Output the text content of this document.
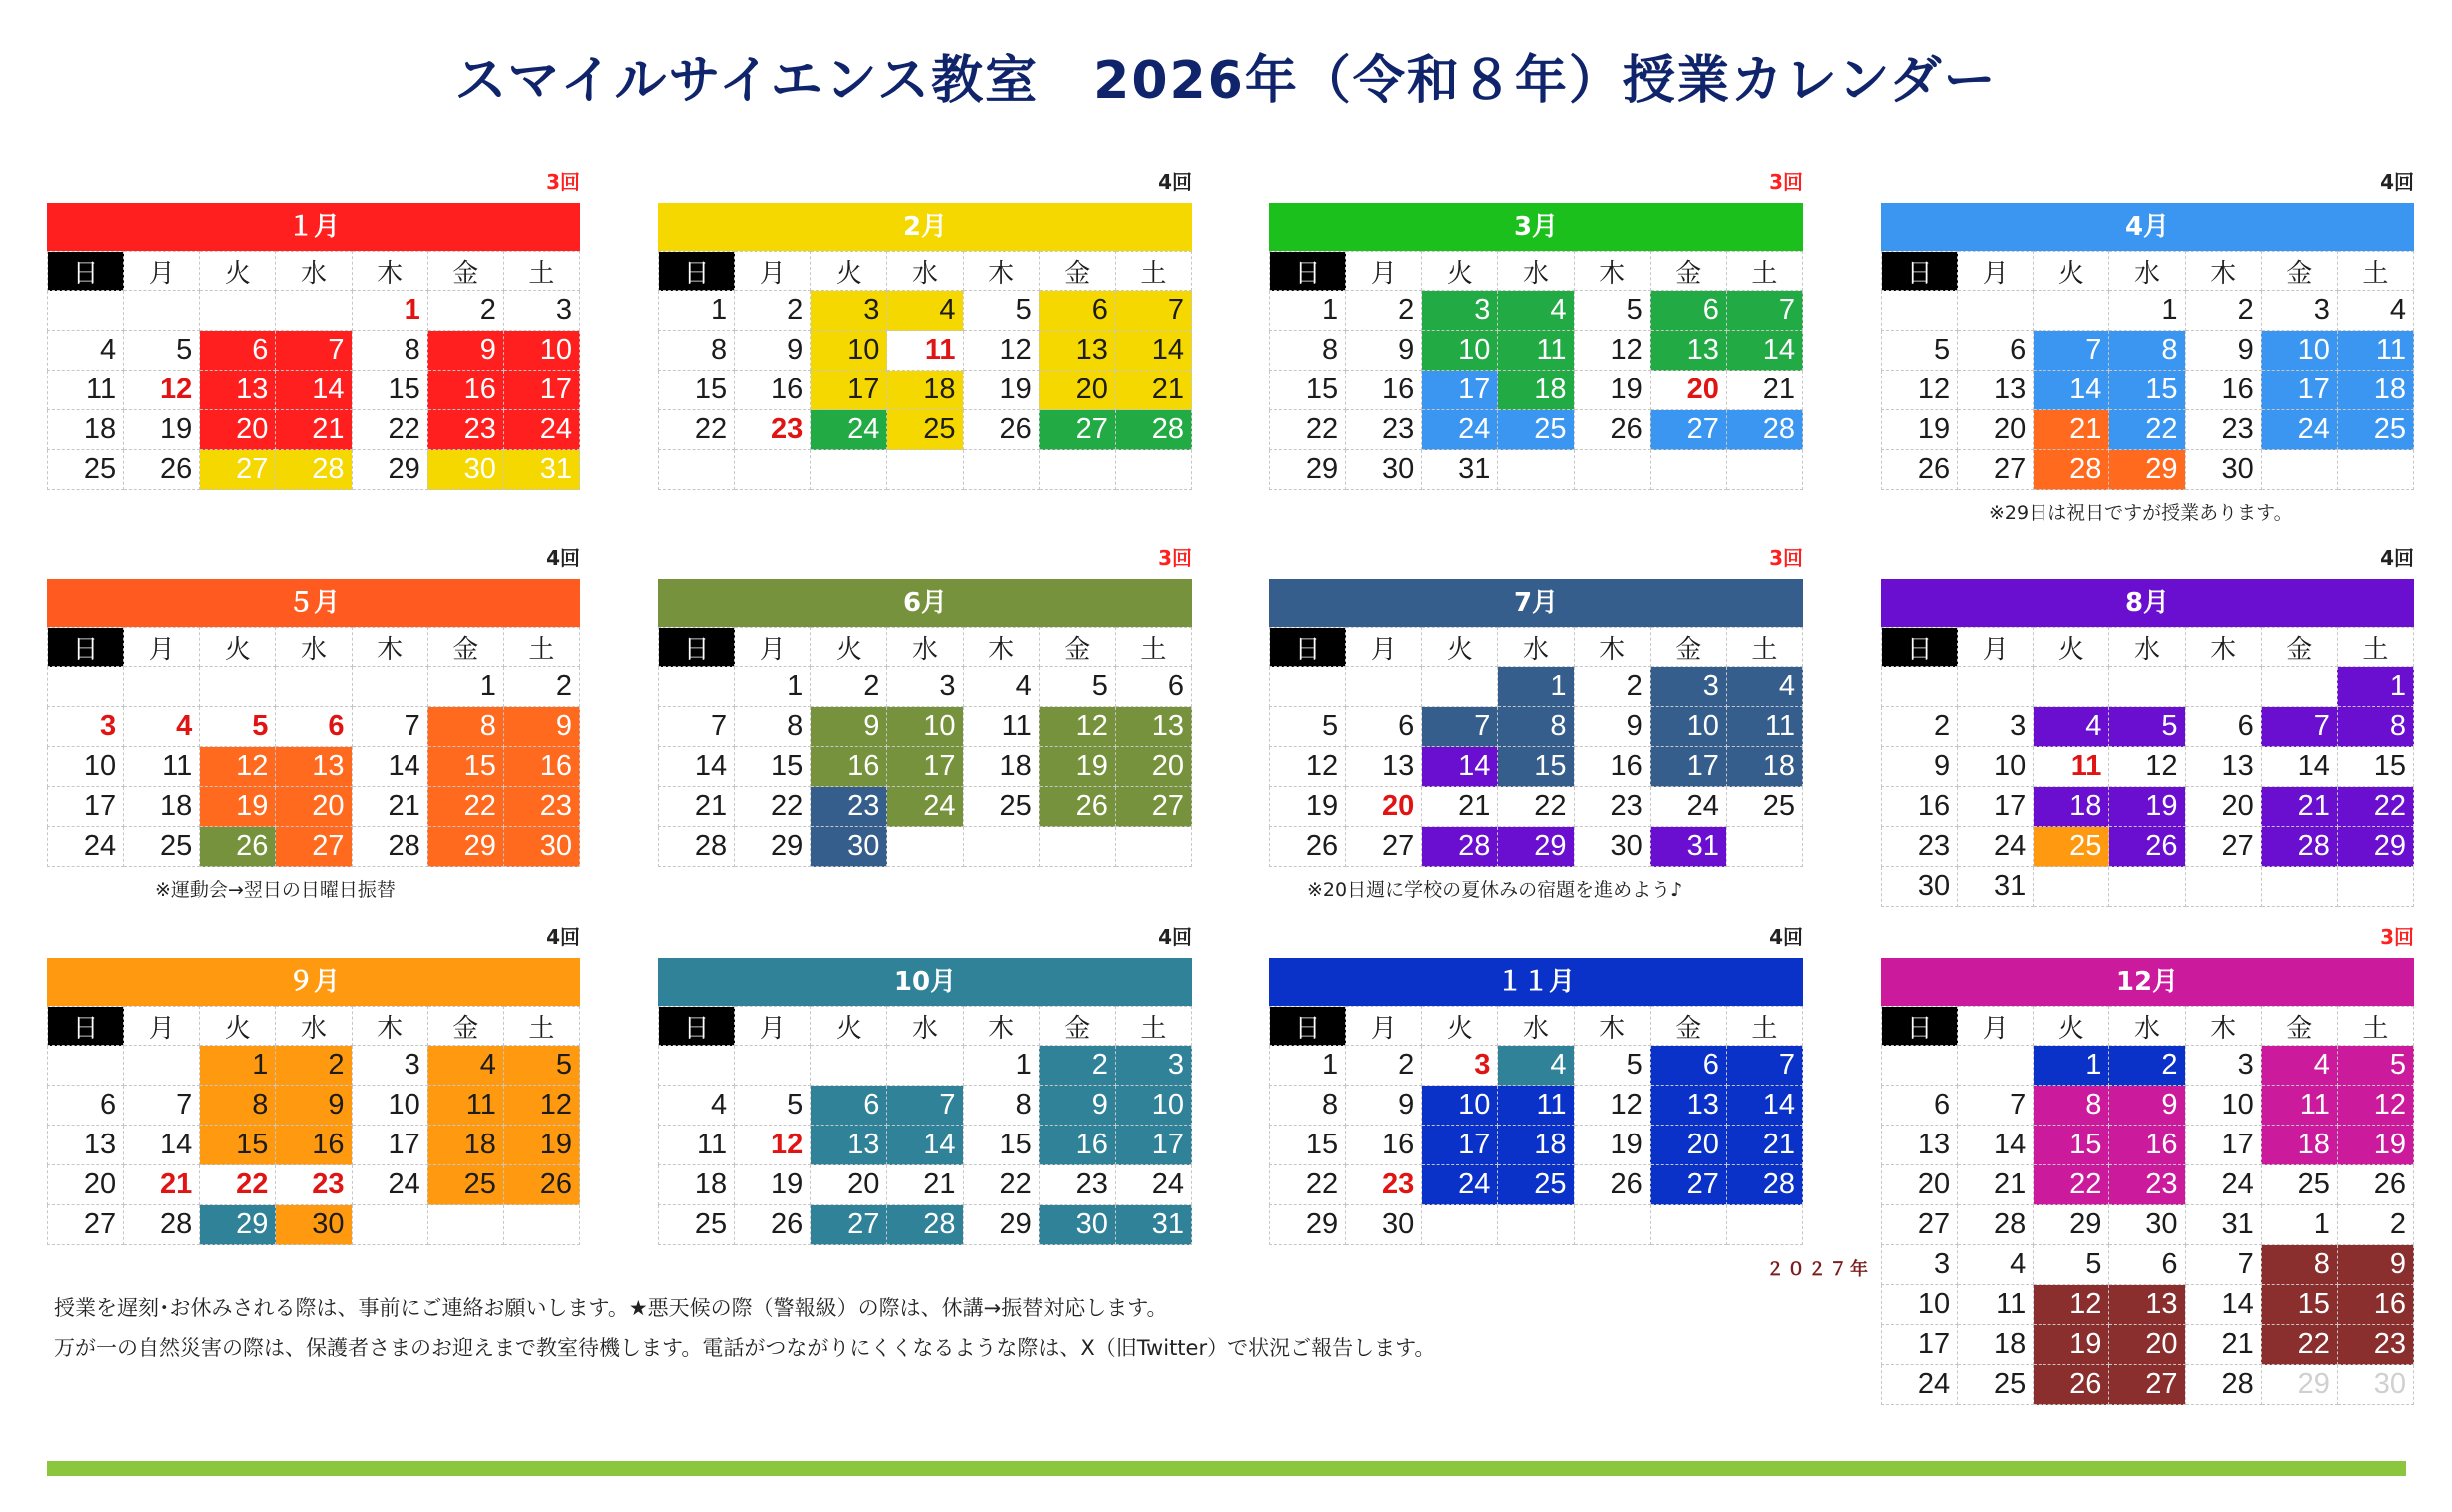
スマイルサイエンス教室　2026年（令和８年）授業カレンダー
3回
１月
日	月	火	水	木	金	土
				1	2	3
4	5	6	7	8	9	10
11	12	13	14	15	16	17
18	19	20	21	22	23	24
25	26	27	28	29	30	31
4回
2月
日	月	火	水	木	金	土
1	2	3	4	5	6	7
8	9	10	11	12	13	14
15	16	17	18	19	20	21
22	23	24	25	26	27	28

3回
3月
日	月	火	水	木	金	土
1	2	3	4	5	6	7
8	9	10	11	12	13	14
15	16	17	18	19	20	21
22	23	24	25	26	27	28
29	30	31				
4回
4月
日	月	火	水	木	金	土
			1	2	3	4
5	6	7	8	9	10	11
12	13	14	15	16	17	18
19	20	21	22	23	24	25
26	27	28	29	30		
※29日は祝日ですが授業あります。
4回
５月
日	月	火	水	木	金	土
					1	2
3	4	5	6	7	8	9
10	11	12	13	14	15	16
17	18	19	20	21	22	23
24	25	26	27	28	29	30
※運動会→翌日の日曜日振替
3回
6月
日	月	火	水	木	金	土
	1	2	3	4	5	6
7	8	9	10	11	12	13
14	15	16	17	18	19	20
21	22	23	24	25	26	27
28	29	30				
3回
7月
日	月	火	水	木	金	土
			1	2	3	4
5	6	7	8	9	10	11
12	13	14	15	16	17	18
19	20	21	22	23	24	25
26	27	28	29	30	31	
※20日週に学校の夏休みの宿題を進めよう♪
4回
8月
日	月	火	水	木	金	土
						1
2	3	4	5	6	7	8
9	10	11	12	13	14	15
16	17	18	19	20	21	22
23	24	25	26	27	28	29
30	31					
4回
９月
日	月	火	水	木	金	土
		1	2	3	4	5
6	7	8	9	10	11	12
13	14	15	16	17	18	19
20	21	22	23	24	25	26
27	28	29	30			
4回
10月
日	月	火	水	木	金	土
				1	2	3
4	5	6	7	8	9	10
11	12	13	14	15	16	17
18	19	20	21	22	23	24
25	26	27	28	29	30	31
4回
１１月
日	月	火	水	木	金	土
1	2	3	4	5	6	7
8	9	10	11	12	13	14
15	16	17	18	19	20	21
22	23	24	25	26	27	28
29	30					
3回
12月
日	月	火	水	木	金	土
		1	2	3	4	5
6	7	8	9	10	11	12
13	14	15	16	17	18	19
20	21	22	23	24	25	26
27	28	29	30	31	1	2
3	4	5	6	7	8	9
10	11	12	13	14	15	16
17	18	19	20	21	22	23
24	25	26	27	28	29	30
２０２７年
授業を遅刻･お休みされる際は、事前にご連絡お願いします。★悪天候の際（警報級）の際は、休講→振替対応します。
万が一の自然災害の際は、保護者さまのお迎えまで教室待機します。電話がつながりにくくなるような際は、X（旧Twitter）で状況ご報告します。
